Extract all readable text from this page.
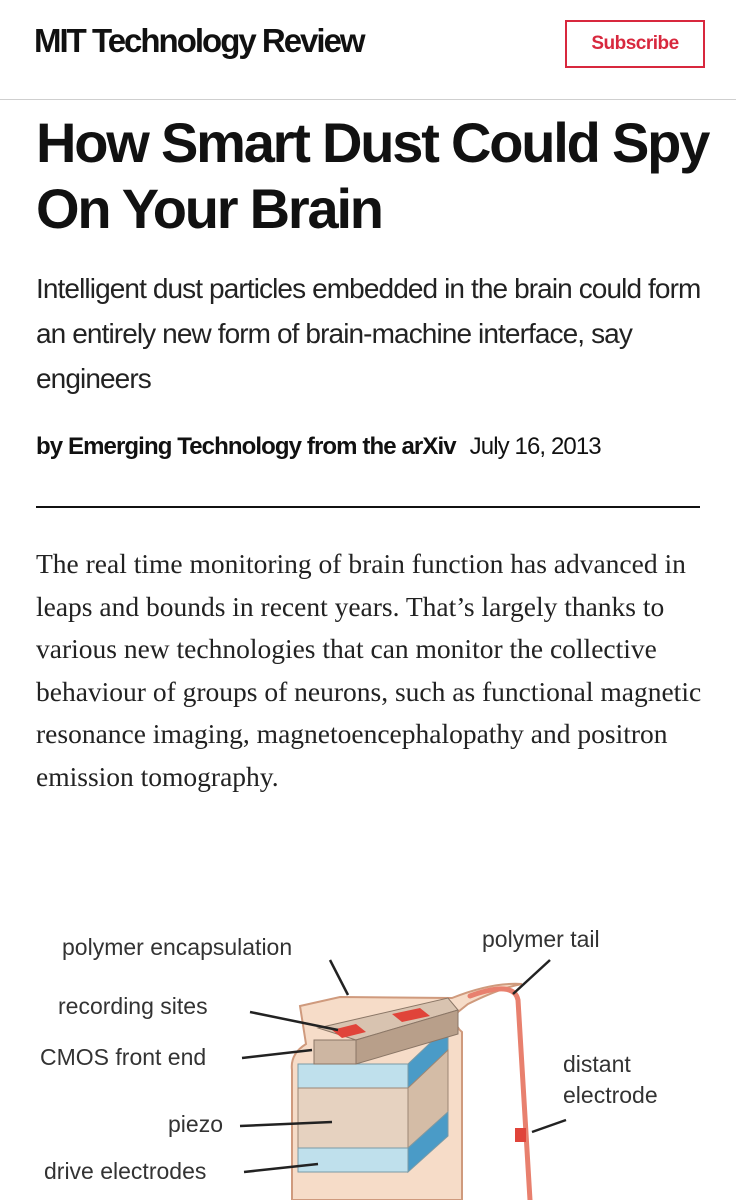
MIT Technology Review	Subscribe
How Smart Dust Could Spy On Your Brain

Intelligent dust particles embedded in the brain could form an entirely new form of brain-machine interface, say engineers

by Emerging Technology from the arXiv July 16, 2013

The real time monitoring of brain function has advanced in leaps and bounds in recent years. That’s largely thanks to various new technologies that can monitor the collective behaviour of groups of neurons, such as functional magnetic resonance imaging, magnetoencephalopathy and positron emission tomography.

polymer encapsulation	polymer tail
recording sites
CMOS front end	distant
electrode
piezo
drive electrodes
